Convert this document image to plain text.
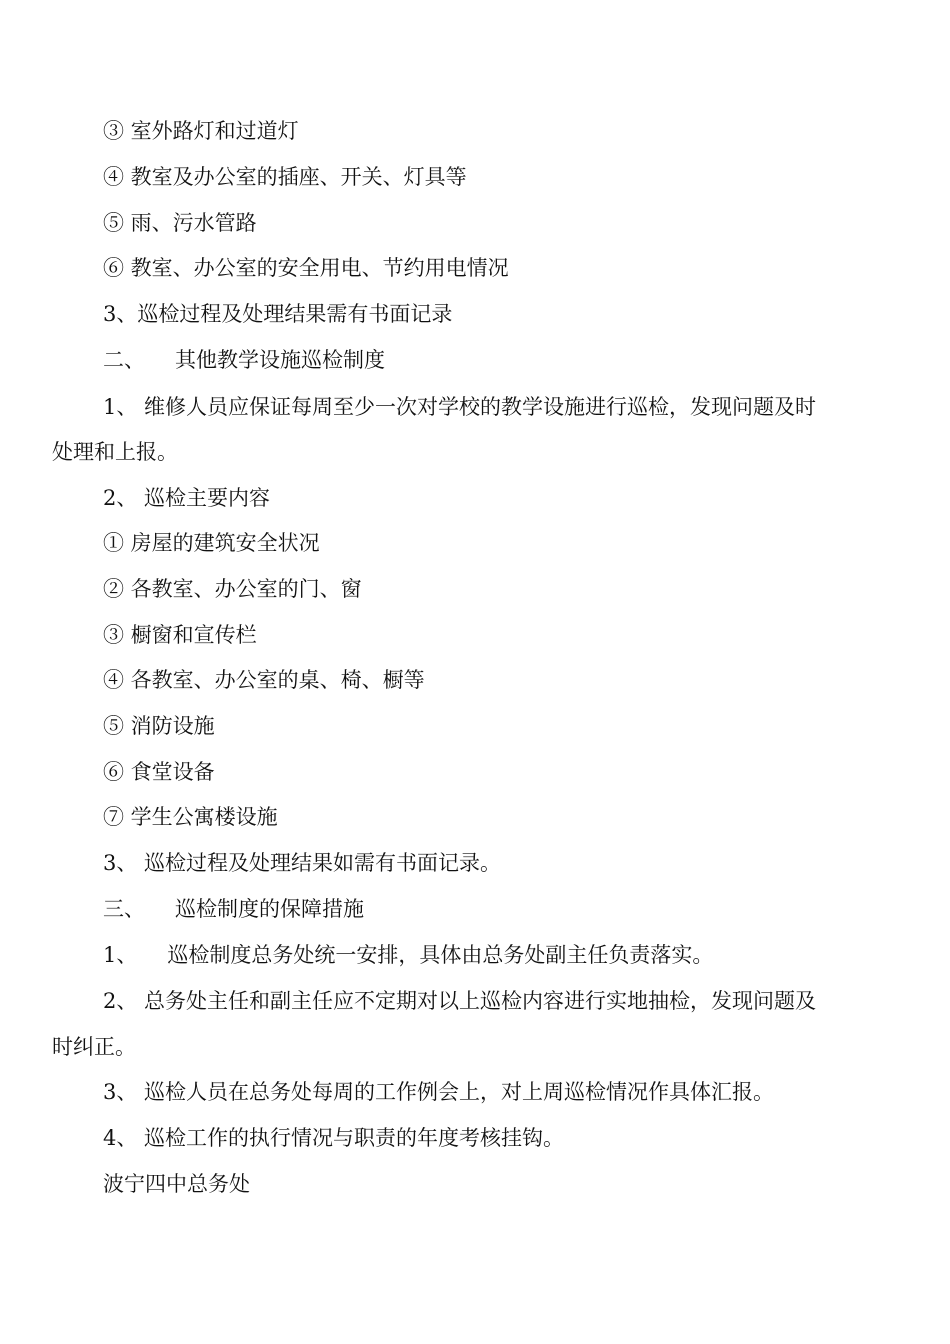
③ 室外路灯和过道灯
④ 教室及办公室的插座、开关、灯具等
⑤ 雨、污水管路
⑥ 教室、办公室的安全用电、节约用电情况
3、巡检过程及处理结果需有书面记录
二、 其他教学设施巡检制度
1、 维修人员应保证每周至少一次对学校的教学设施进行巡检，发现问题及时
处理和上报。
2、 巡检主要内容
① 房屋的建筑安全状况
② 各教室、办公室的门、窗
③ 橱窗和宣传栏
④ 各教室、办公室的桌、椅、橱等
⑤ 消防设施
⑥ 食堂设备
⑦ 学生公寓楼设施
3、 巡检过程及处理结果如需有书面记录。
三、 巡检制度的保障措施
1、 巡检制度总务处统一安排，具体由总务处副主任负责落实。
2、 总务处主任和副主任应不定期对以上巡检内容进行实地抽检，发现问题及
时纠正。
3、 巡检人员在总务处每周的工作例会上，对上周巡检情况作具体汇报。
4、 巡检工作的执行情况与职责的年度考核挂钩。
波宁四中总务处
